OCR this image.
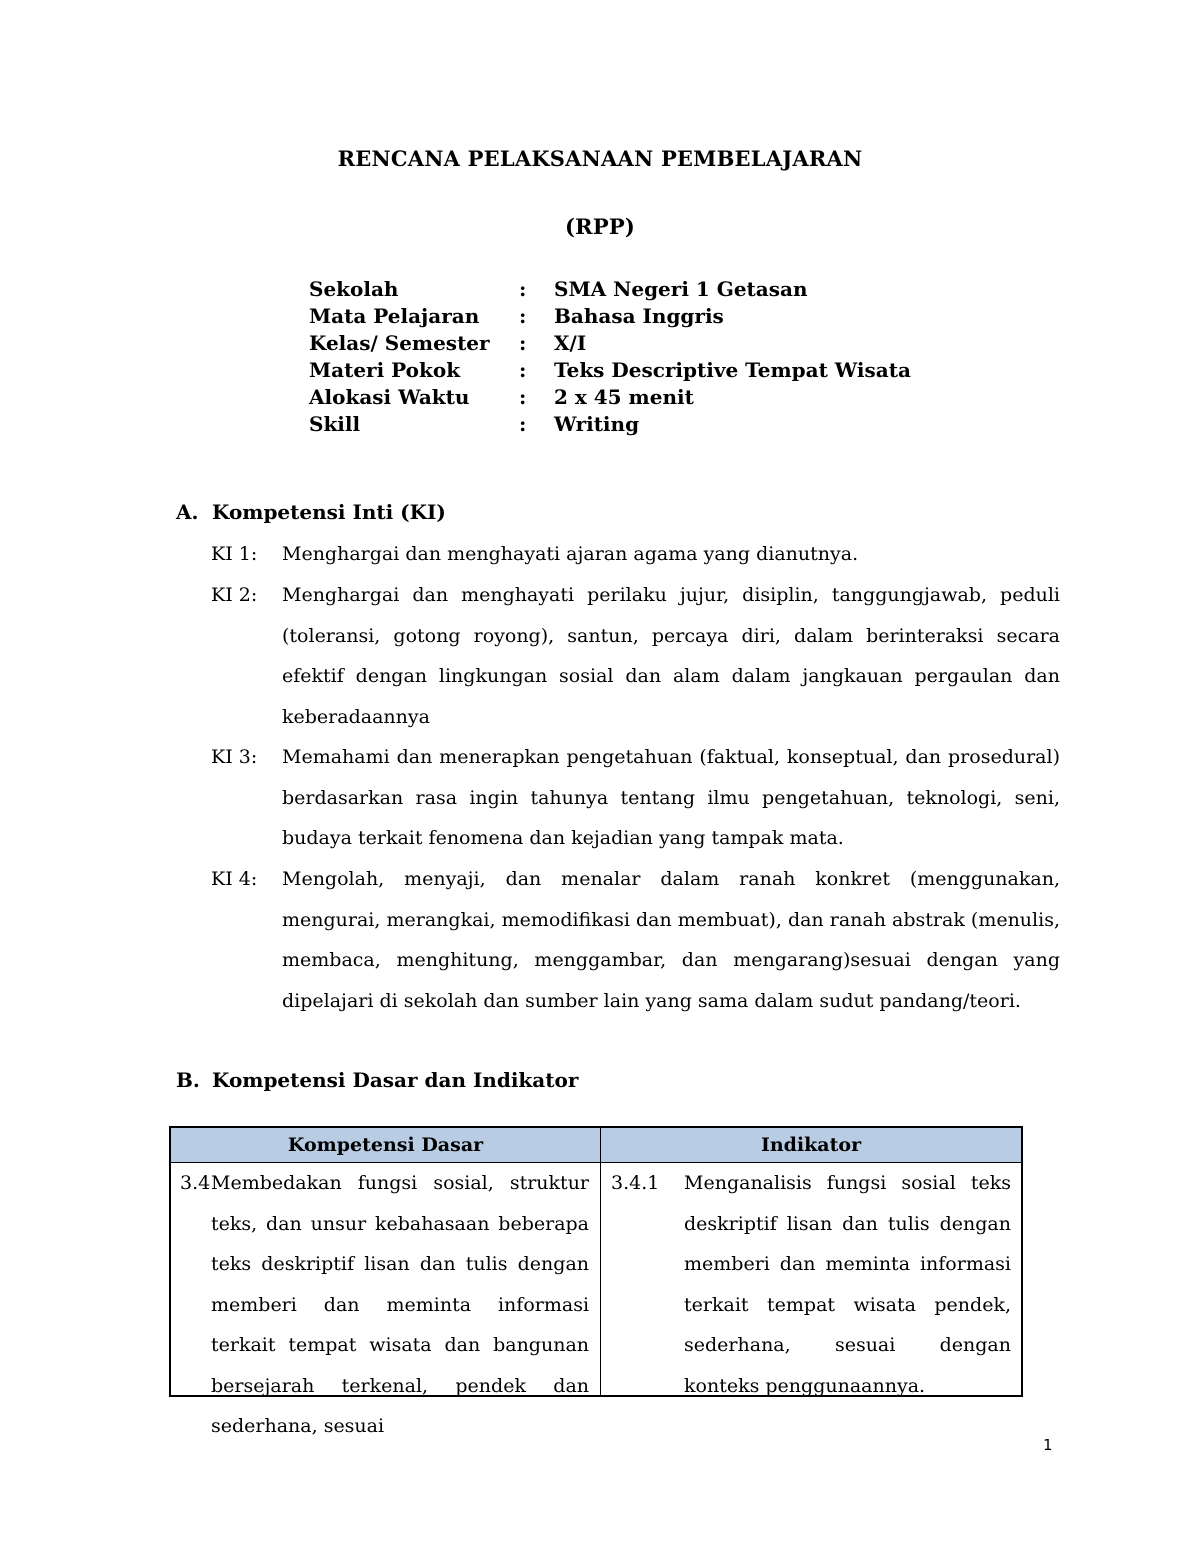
RENCANA PELAKSANAAN PEMBELAJARAN
(RPP)
Sekolah	: SMA Negeri 1 Getasan
Mata Pelajaran : Bahasa Inggris
Kelas/ Semester : X/I
Materi Pokok	: Teks Descriptive Tempat Wisata
Alokasi Waktu : 2 x 45 menit
Skill	: Writing
A. Kompetensi Inti (KI)
KI 1: Menghargai dan menghayati ajaran agama yang dianutnya.
KI 2: Menghargai dan menghayati perilaku jujur, disiplin, tanggungjawab, peduli (toleransi, gotong royong), santun, percaya diri, dalam berinteraksi secara efektif dengan lingkungan sosial dan alam dalam jangkauan pergaulan dan keberadaannya
KI 3: Memahami dan menerapkan pengetahuan (faktual, konseptual, dan prosedural) berdasarkan rasa ingin tahunya tentang ilmu pengetahuan, teknologi, seni, budaya terkait fenomena dan kejadian yang tampak mata.
KI 4: Mengolah, menyaji, dan menalar dalam ranah konkret (menggunakan, mengurai, merangkai, memodifikasi dan membuat), dan ranah abstrak (menulis, membaca, menghitung, menggambar, dan mengarang)sesuai dengan yang dipelajari di sekolah dan sumber lain yang sama dalam sudut pandang/teori.
B. Kompetensi Dasar dan Indikator
Kompetensi Dasar	Indikator

3.4 Membedakan fungsi sosial, struktur teks, dan unsur kebahasaan beberapa teks deskriptif lisan dan tulis dengan memberi dan meminta informasi terkait tempat wisata dan bangunan bersejarah terkenal, pendek dan sederhana, sesuai	3.4.1 Menganalisis fungsi sosial teks deskriptif lisan dan tulis dengan memberi dan meminta informasi terkait tempat wisata pendek, sederhana, sesuai dengan konteks penggunaannya.
1
